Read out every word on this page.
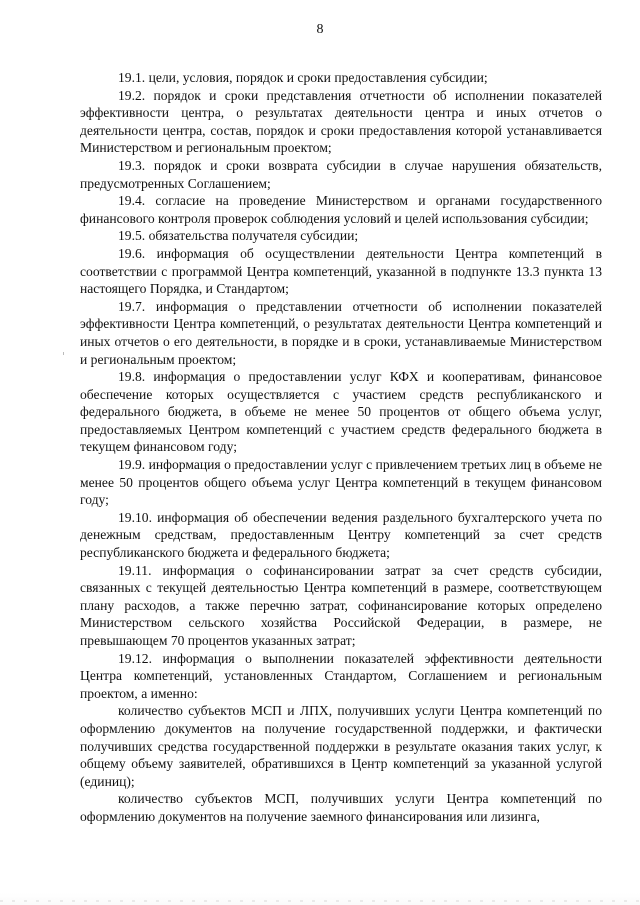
8

19.1. цели, условия, порядок и сроки предоставления субсидии;

19.2. порядок и сроки представления отчетности об исполнении показателей эффективности центра, о результатах деятельности центра и иных отчетов о деятельности центра, состав, порядок и сроки предоставления которой устанавливается Министерством и региональным проектом;

19.3. порядок и сроки возврата субсидии в случае нарушения обязательств, предусмотренных Соглашением;

19.4. согласие на проведение Министерством и органами государственного финансового контроля проверок соблюдения условий и целей использования субсидии;

19.5. обязательства получателя субсидии;

19.6. информация об осуществлении деятельности Центра компетенций в соответствии с программой Центра компетенций, указанной в подпункте 13.3 пункта 13 настоящего Порядка, и Стандартом;

19.7. информация о представлении отчетности об исполнении показателей эффективности Центра компетенций, о результатах деятельности Центра компетенций и иных отчетов о его деятельности, в порядке и в сроки, устанавливаемые Министерством и региональным проектом;

19.8. информация о предоставлении услуг КФХ и кооперативам, финансовое обеспечение которых осуществляется с участием средств республиканского и федерального бюджета, в объеме не менее 50 процентов от общего объема услуг, предоставляемых Центром компетенций с участием средств федерального бюджета в текущем финансовом году;

19.9. информация о предоставлении услуг с привлечением третьих лиц в объеме не менее 50 процентов общего объема услуг Центра компетенций в текущем финансовом году;

19.10. информация об обеспечении ведения раздельного бухгалтерского учета по денежным средствам, предоставленным Центру компетенций за счет средств республиканского бюджета и федерального бюджета;

19.11. информация о софинансировании затрат за счет средств субсидии, связанных с текущей деятельностью Центра компетенций в размере, соответствующем плану расходов, а также перечню затрат, софинансирование которых определено Министерством сельского хозяйства Российской Федерации, в размере, не превышающем 70 процентов указанных затрат;

19.12. информация о выполнении показателей эффективности деятельности Центра компетенций, установленных Стандартом, Соглашением и региональным проектом, а именно:

количество субъектов МСП и ЛПХ, получивших услуги Центра компетенций по оформлению документов на получение государственной поддержки, и фактически получивших средства государственной поддержки в результате оказания таких услуг, к общему объему заявителей, обратившихся в Центр компетенций за указанной услугой (единиц);

количество субъектов МСП, получивших услуги Центра компетенций по оформлению документов на получение заемного финансирования или лизинга,
